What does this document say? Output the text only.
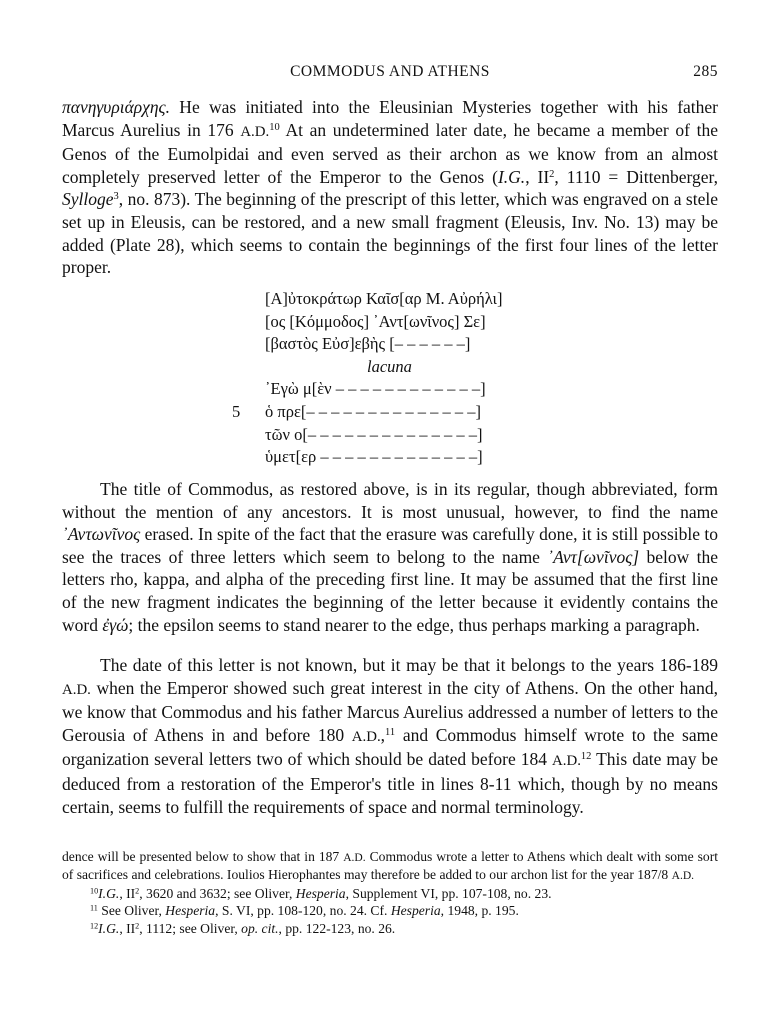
COMMODUS AND ATHENS	285

πανηγυριάρχης. He was initiated into the Eleusinian Mysteries together with his father Marcus Aurelius in 176 A.D.$^{10}$ At an undetermined later date, he became a member of the Genos of the Eumolpidai and even served as their archon as we know from an almost completely preserved letter of the Emperor to the Genos (I.G., $II^2$, 1110 = Dittenberger, Sylloge$^3$, no. 873). The beginning of the prescript of this letter, which was engraved on a stele set up in Eleusis, can be restored, and a new small fragment (Eleusis, Inv. No. 13) may be added (Plate 28), which seems to contain the beginnings of the first four lines of the letter proper.

[Α]ὐτοκράτωρ Καῖσ[αρ Μ. Αὐρήλι]
[ος [Κόμμοδος] ᾿Αντ[ωνῖνος] Σε]
[βαστὸς Εὐσ]εβὴς [– – – – – –]
lacuna
᾿Εγὼ μ[ὲν – – – – – – – – – – – –]
5	ὁ πρε[– – – – – – – – – – – – – –]
τῶν ο[– – – – – – – – – – – – – –]
ὑμετ[ερ – – – – – – – – – – – – –]

The title of Commodus, as restored above, is in its regular, though abbreviated, form without the mention of any ancestors. It is most unusual, however, to find the name ᾿Αντωνῖνος erased. In spite of the fact that the erasure was carefully done, it is still possible to see the traces of three letters which seem to belong to the name ᾿Αντ[ωνῖνος] below the letters rho, kappa, and alpha of the preceding first line. It may be assumed that the first line of the new fragment indicates the beginning of the letter because it evidently contains the word ἐγώ; the epsilon seems to stand nearer to the edge, thus perhaps marking a paragraph.

The date of this letter is not known, but it may be that it belongs to the years 186-189 A.D. when the Emperor showed such great interest in the city of Athens. On the other hand, we know that Commodus and his father Marcus Aurelius addressed a number of letters to the Gerousia of Athens in and before 180 A.D.,$^{11}$ and Commodus himself wrote to the same organization several letters two of which should be dated before 184 A.D.$^{12}$ This date may be deduced from a restoration of the Emperor's title in lines 8-11 which, though by no means certain, seems to fulfill the requirements of space and normal terminology.

dence will be presented below to show that in 187 A.D. Commodus wrote a letter to Athens which dealt with some sort of sacrifices and celebrations. Ioulios Hierophantes may therefore be added to our archon list for the year 187/8 A.D.

$^{10}$I.G., $II^2$, 3620 and 3632; see Oliver, Hesperia, Supplement VI, pp. 107-108, no. 23.

$^{11}$ See Oliver, Hesperia, S. VI, pp. 108-120, no. 24. Cf. Hesperia, 1948, p. 195.

$^{12}$I.G., $II^2$, 1112; see Oliver, op. cit., pp. 122-123, no. 26.
